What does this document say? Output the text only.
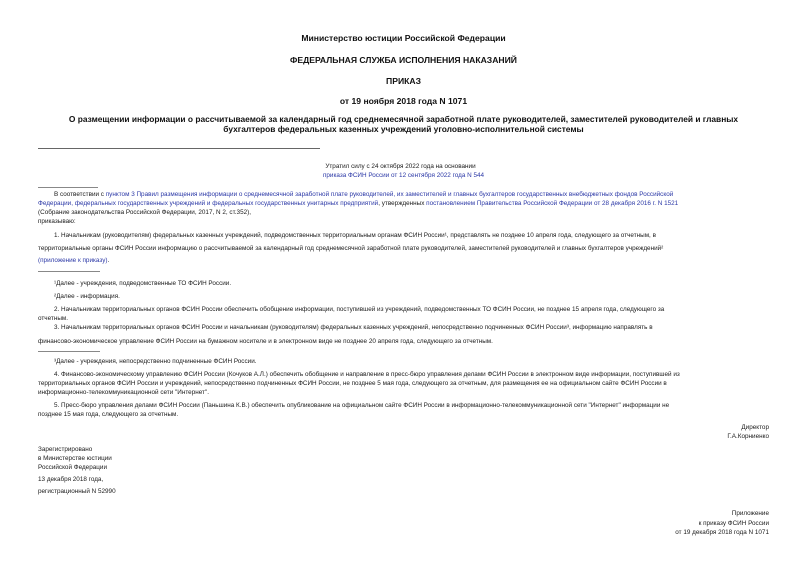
Министерство юстиции Российской Федерации
ФЕДЕРАЛЬНАЯ СЛУЖБА ИСПОЛНЕНИЯ НАКАЗАНИЙ
ПРИКАЗ
от 19 ноября 2018 года N 1071
О размещении информации о рассчитываемой за календарный год среднемесячной заработной плате руководителей, заместителей руководителей и главных
бухгалтеров федеральных казенных учреждений уголовно-исполнительной системы
Утратил силу с 24 октября 2022 года на основании
приказа ФСИН России от 12 сентября 2022 года N 544
В соответствии с пунктом 3 Правил размещения информации о среднемесячной заработной плате руководителей, их заместителей и главных бухгалтеров государственных внебюджетных фондов Российской
Федерации, федеральных государственных учреждений и федеральных государственных унитарных предприятий, утвержденных постановлением Правительства Российской Федерации от 28 декабря 2016 г. N 1521
(Собрание законодательства Российской Федерации, 2017, N 2, ст.352),
приказываю:
1. Начальникам (руководителям) федеральных казенных учреждений, подведомственных территориальным органам ФСИН России¹, представлять не позднее 10 апреля года, следующего за отчетным, в
территориальные органы ФСИН России информацию о рассчитываемой за календарный год среднемесячной заработной плате руководителей, заместителей руководителей и главных бухгалтеров учреждений²
(приложение к приказу).
¹Далее - учреждения, подведомственные ТО ФСИН России.
²Далее - информация.
2. Начальникам территориальных органов ФСИН России обеспечить обобщение информации, поступившей из учреждений, подведомственных ТО ФСИН России, не позднее 15 апреля года, следующего за
отчетным.
3. Начальникам территориальных органов ФСИН России и начальникам (руководителям) федеральных казенных учреждений, непосредственно подчиненных ФСИН России³, информацию направлять в
финансово-экономическое управление ФСИН России на бумажном носителе и в электронном виде не позднее 20 апреля года, следующего за отчетным.
³Далее - учреждения, непосредственно подчиненные ФСИН России.
4. Финансово-экономическому управлению ФСИН России (Кочуков А.Л.) обеспечить обобщение и направление в пресс-бюро управления делами ФСИН России в электронном виде информации, поступившей из
территориальных органов ФСИН России и учреждений, непосредственно подчиненных ФСИН России, не позднее 5 мая года, следующего за отчетным, для размещения ее на официальном сайте ФСИН России в
информационно-телекоммуникационной сети "Интернет".
5. Пресс-бюро управления делами ФСИН России (Паньшина К.В.) обеспечить опубликование на официальном сайте ФСИН России в информационно-телекоммуникационной сети "Интернет" информации не
позднее 15 мая года, следующего за отчетным.
Директор
Г.А.Корниенко
Зарегистрировано
в Министерстве юстиции
Российской Федерации
13 декабря 2018 года,
регистрационный N 52990
Приложение
к приказу ФСИН России
от 19 декабря 2018 года N 1071
